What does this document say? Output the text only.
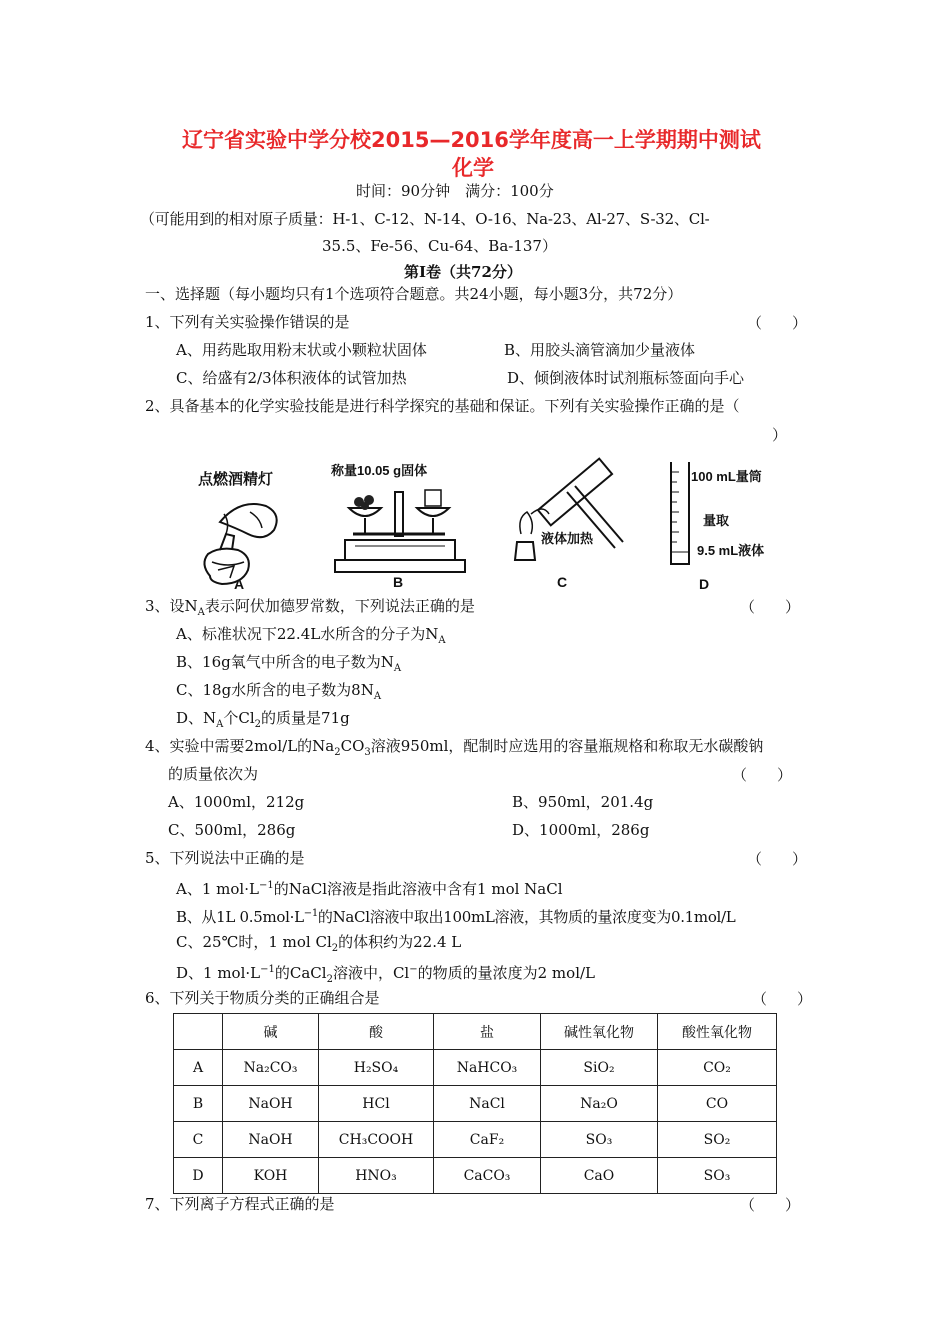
辽宁省实验中学分校2015—2016学年度高一上学期期中测试
化学
时间：90分钟　满分：100分
（可能用到的相对原子质量：H-1、C-12、N-14、O-16、Na-23、Al-27、S-32、Cl-
35.5、Fe-56、Cu-64、Ba-137）
第Ⅰ卷（共72分）
一、选择题（每小题均只有1个选项符合题意。共24小题，每小题3分，共72分）
1、下列有关实验操作错误的是	（　　）
A、用药匙取用粉末状或小颗粒状固体	B、用胶头滴管滴加少量液体
C、给盛有2/3体积液体的试管加热	D、倾倒液体时试剂瓶标签面向手心
2、具备基本的化学实验技能是进行科学探究的基础和保证。下列有关实验操作正确的是（
）
点燃酒精灯
A
称量10.05 g固体
B
液体加热
C
100 mL量筒
量取
9.5 mL液体
D
3、设$N_A$表示阿伏加德罗常数，下列说法正确的是	（　　）
A、标准状况下22.4L水所含的分子为$N_A$
B、16g氧气中所含的电子数为$N_A$
C、18g水所含的电子数为$8N_A$
D、$N_A$个$Cl_2$的质量是71g
4、实验中需要2mol/L的$Na_2CO_3$溶液950ml，配制时应选用的容量瓶规格和称取无水碳酸钠
的质量依次为	（　　）
A、1000ml，212g	B、950ml，201.4g
C、500ml，286g	D、1000ml，286g
5、下列说法中正确的是	（　　）
A、1 $mol\cdot L^{-1}$的NaCl溶液是指此溶液中含有1 mol NaCl
B、从1L $0.5mol\cdot L^{-1}$的NaCl溶液中取出100mL溶液，其物质的量浓度变为0.1mol/L
C、25℃时，1 mol $Cl_2$的体积约为22.4 L
D、1 $mol\cdot L^{-1}$的CaCl$_2$溶液中，Cl−的物质的量浓度为2 mol/L
6、下列关于物质分类的正确组合是	（　　）
	碱	酸	盐	碱性氧化物	酸性氧化物
A	Na₂CO₃	H₂SO₄	NaHCO₃	SiO₂	CO₂
B	NaOH	HCl	NaCl	Na₂O	CO
C	NaOH	CH₃COOH	CaF₂	SO₃	SO₂
D	KOH	HNO₃	CaCO₃	CaO	SO₃
7、下列离子方程式正确的是	（　　）
